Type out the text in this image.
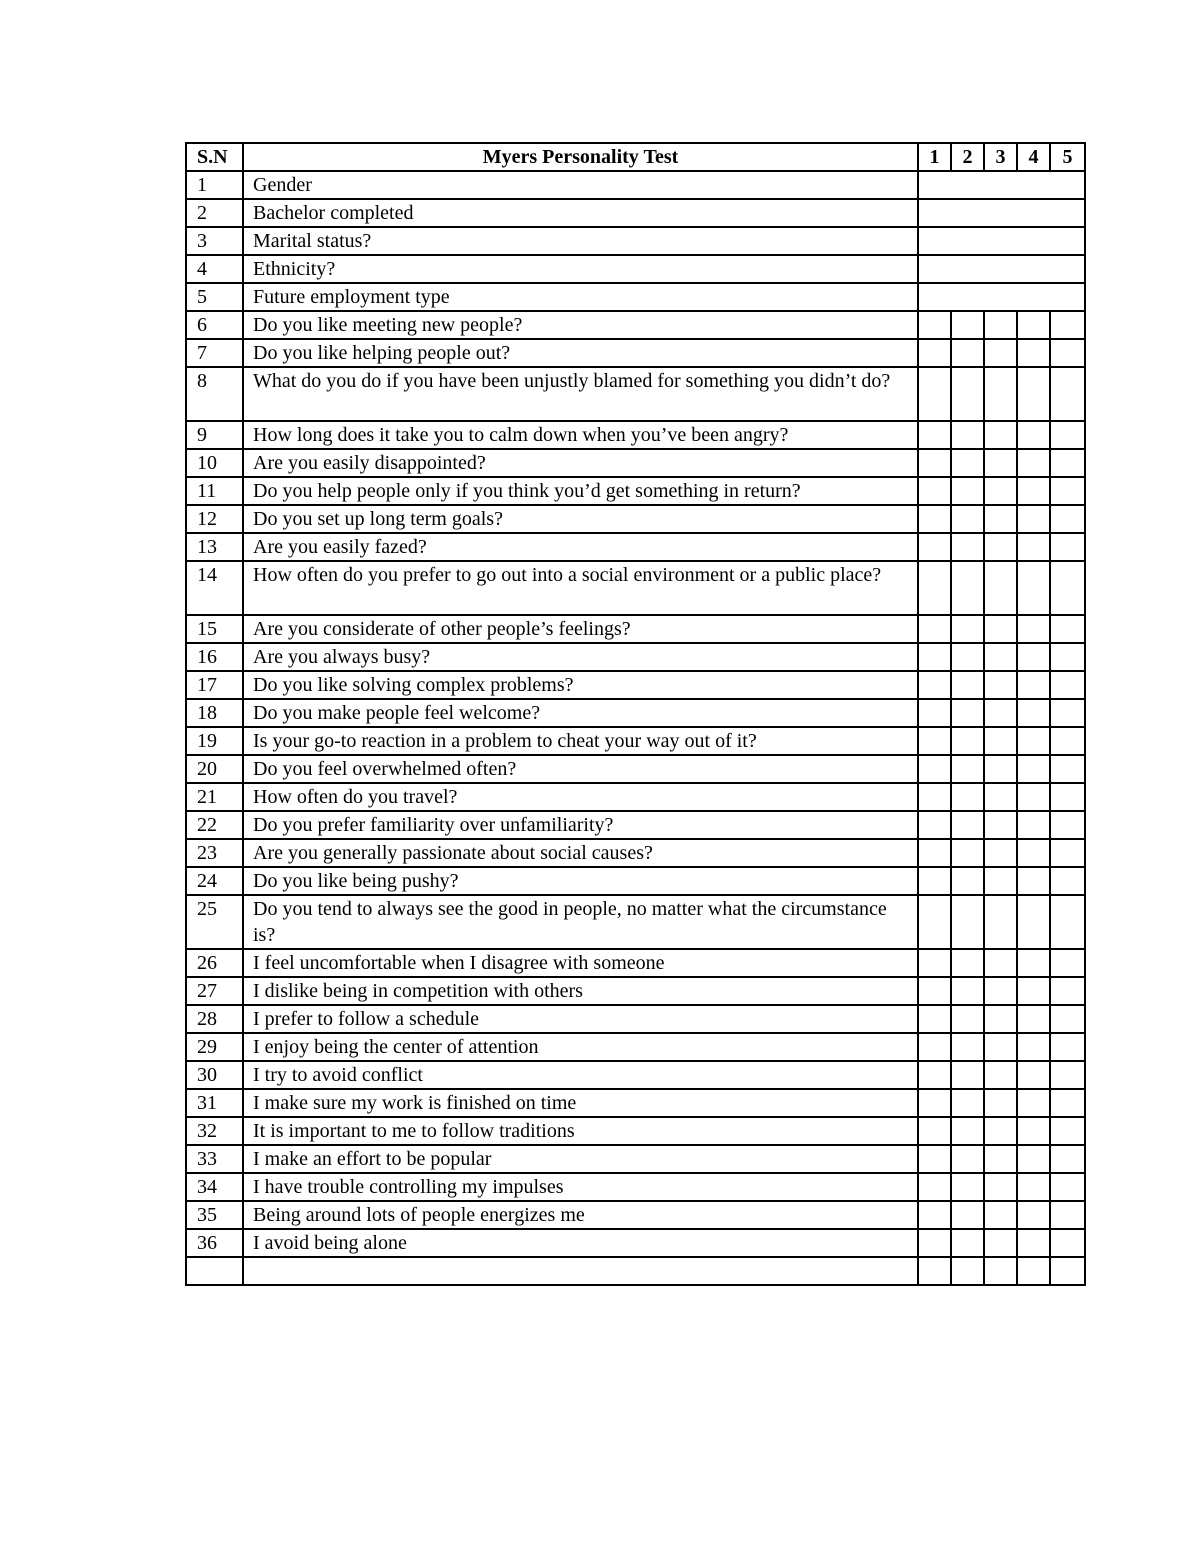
S.N	Myers Personality Test	1	2	3	4	5
1	Gender					
2	Bachelor completed					
3	Marital status?					
4	Ethnicity?					
5	Future employment type					
6	Do you like meeting new people?					
7	Do you like helping people out?					
8	What do you do if you have been unjustly blamed for something you didn’t do?					
9	How long does it take you to calm down when you’ve been angry?					
10	Are you easily disappointed?					
11	Do you help people only if you think you’d get something in return?					
12	Do you set up long term goals?					
13	Are you easily fazed?					
14	How often do you prefer to go out into a social environment or a public place?					
15	Are you considerate of other people’s feelings?					
16	Are you always busy?					
17	Do you like solving complex problems?					
18	Do you make people feel welcome?					
19	Is your go-to reaction in a problem to cheat your way out of it?					
20	Do you feel overwhelmed often?					
21	How often do you travel?					
22	Do you prefer familiarity over unfamiliarity?					
23	Are you generally passionate about social causes?					
24	Do you like being pushy?					
25	Do you tend to always see the good in people, no matter what the circumstance is?					
26	I feel uncomfortable when I disagree with someone					
27	I dislike being in competition with others					
28	I prefer to follow a schedule					
29	I enjoy being the center of attention					
30	I try to avoid conflict					
31	I make sure my work is finished on time					
32	It is important to me to follow traditions					
33	I make an effort to be popular					
34	I have trouble controlling my impulses					
35	Being around lots of people energizes me					
36	I avoid being alone					
